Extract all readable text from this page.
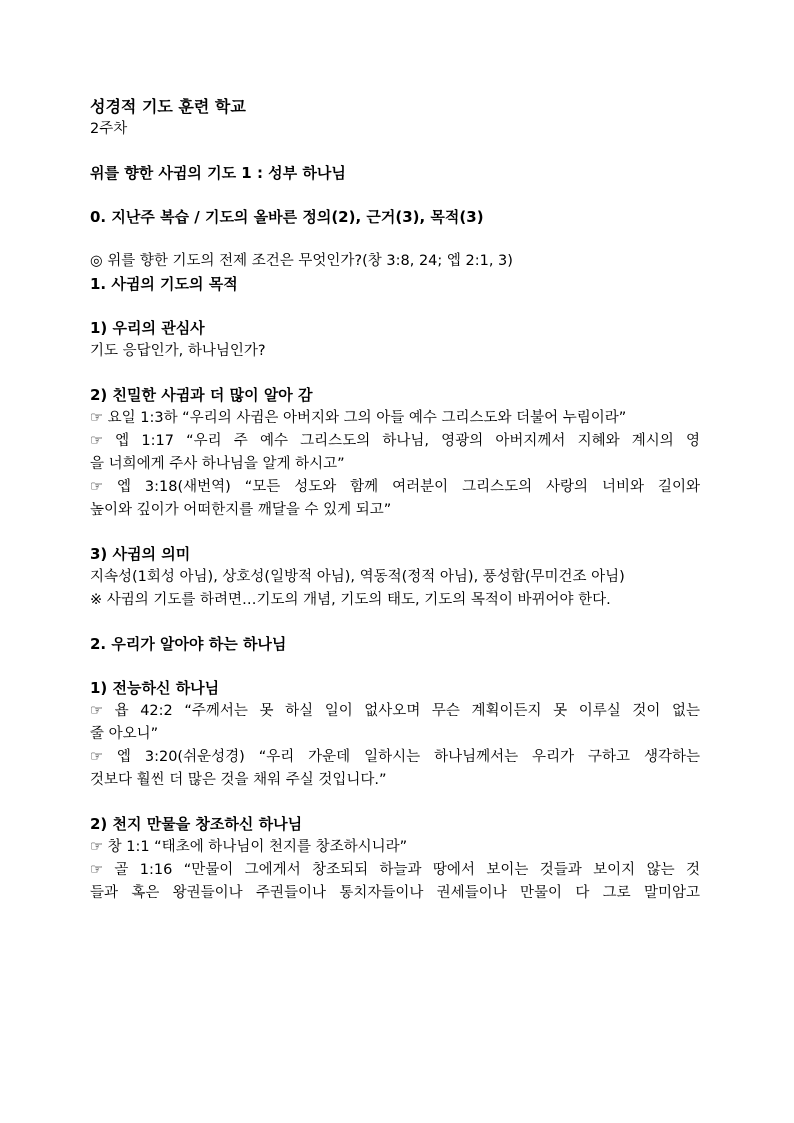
성경적 기도 훈련 학교
2주차
위를 향한 사귐의 기도 1 : 성부 하나님
0. 지난주 복습 / 기도의 올바른 정의(2), 근거(3), 목적(3)
◎ 위를 향한 기도의 전제 조건은 무엇인가?(창 3:8, 24; 엡 2:1, 3)
1. 사귐의 기도의 목적
1) 우리의 관심사
기도 응답인가, 하나님인가?
2) 친밀한 사귐과 더 많이 알아 감
☞ 요일 1:3하 “우리의 사귐은 아버지와 그의 아들 예수 그리스도와 더불어 누림이라”
☞ 엡 1:17 “우리 주 예수 그리스도의 하나님, 영광의 아버지께서 지혜와 계시의 영
을 너희에게 주사 하나님을 알게 하시고”
☞ 엡 3:18(새번역) “모든 성도와 함께 여러분이 그리스도의 사랑의 너비와 길이와
높이와 깊이가 어떠한지를 깨달을 수 있게 되고”
3) 사귐의 의미
지속성(1회성 아님), 상호성(일방적 아님), 역동적(정적 아님), 풍성함(무미건조 아님)
※ 사귐의 기도를 하려면…기도의 개념, 기도의 태도, 기도의 목적이 바뀌어야 한다.
2. 우리가 알아야 하는 하나님
1) 전능하신 하나님
☞ 욥 42:2 “주께서는 못 하실 일이 없사오며 무슨 계획이든지 못 이루실 것이 없는
줄 아오니”
☞ 엡 3:20(쉬운성경) “우리 가운데 일하시는 하나님께서는 우리가 구하고 생각하는
것보다 훨씬 더 많은 것을 채워 주실 것입니다.”
2) 천지 만물을 창조하신 하나님
☞ 창 1:1 “태초에 하나님이 천지를 창조하시니라”
☞ 골 1:16 “만물이 그에게서 창조되되 하늘과 땅에서 보이는 것들과 보이지 않는 것
들과 혹은 왕권들이나 주권들이나 통치자들이나 권세들이나 만물이 다 그로 말미암고
